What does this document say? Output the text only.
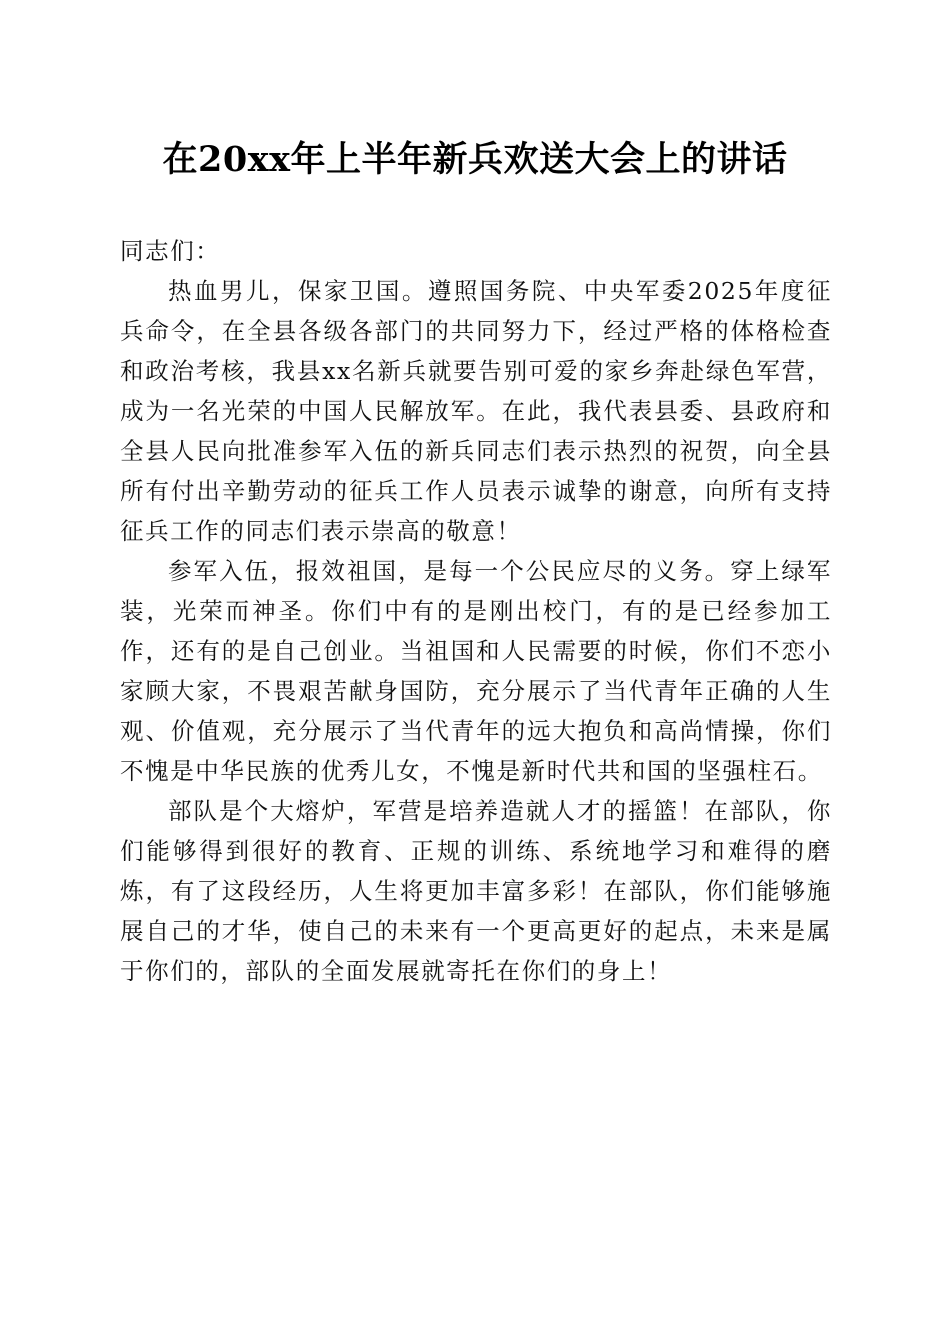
在20xx年上半年新兵欢送大会上的讲话

同志们：

热血男儿，保家卫国。遵照国务院、中央军委2025年度征兵命令，在全县各级各部门的共同努力下，经过严格的体格检查和政治考核，我县xx名新兵就要告别可爱的家乡奔赴绿色军营，成为一名光荣的中国人民解放军。在此，我代表县委、县政府和全县人民向批准参军入伍的新兵同志们表示热烈的祝贺，向全县所有付出辛勤劳动的征兵工作人员表示诚挚的谢意，向所有支持征兵工作的同志们表示崇高的敬意！

参军入伍，报效祖国，是每一个公民应尽的义务。穿上绿军装，光荣而神圣。你们中有的是刚出校门，有的是已经参加工作，还有的是自己创业。当祖国和人民需要的时候，你们不恋小家顾大家，不畏艰苦献身国防，充分展示了当代青年正确的人生观、价值观，充分展示了当代青年的远大抱负和高尚情操，你们不愧是中华民族的优秀儿女，不愧是新时代共和国的坚强柱石。

部队是个大熔炉，军营是培养造就人才的摇篮！在部队，你们能够得到很好的教育、正规的训练、系统地学习和难得的磨炼，有了这段经历，人生将更加丰富多彩！在部队，你们能够施展自己的才华，使自己的未来有一个更高更好的起点，未来是属于你们的，部队的全面发展就寄托在你们的身上！
